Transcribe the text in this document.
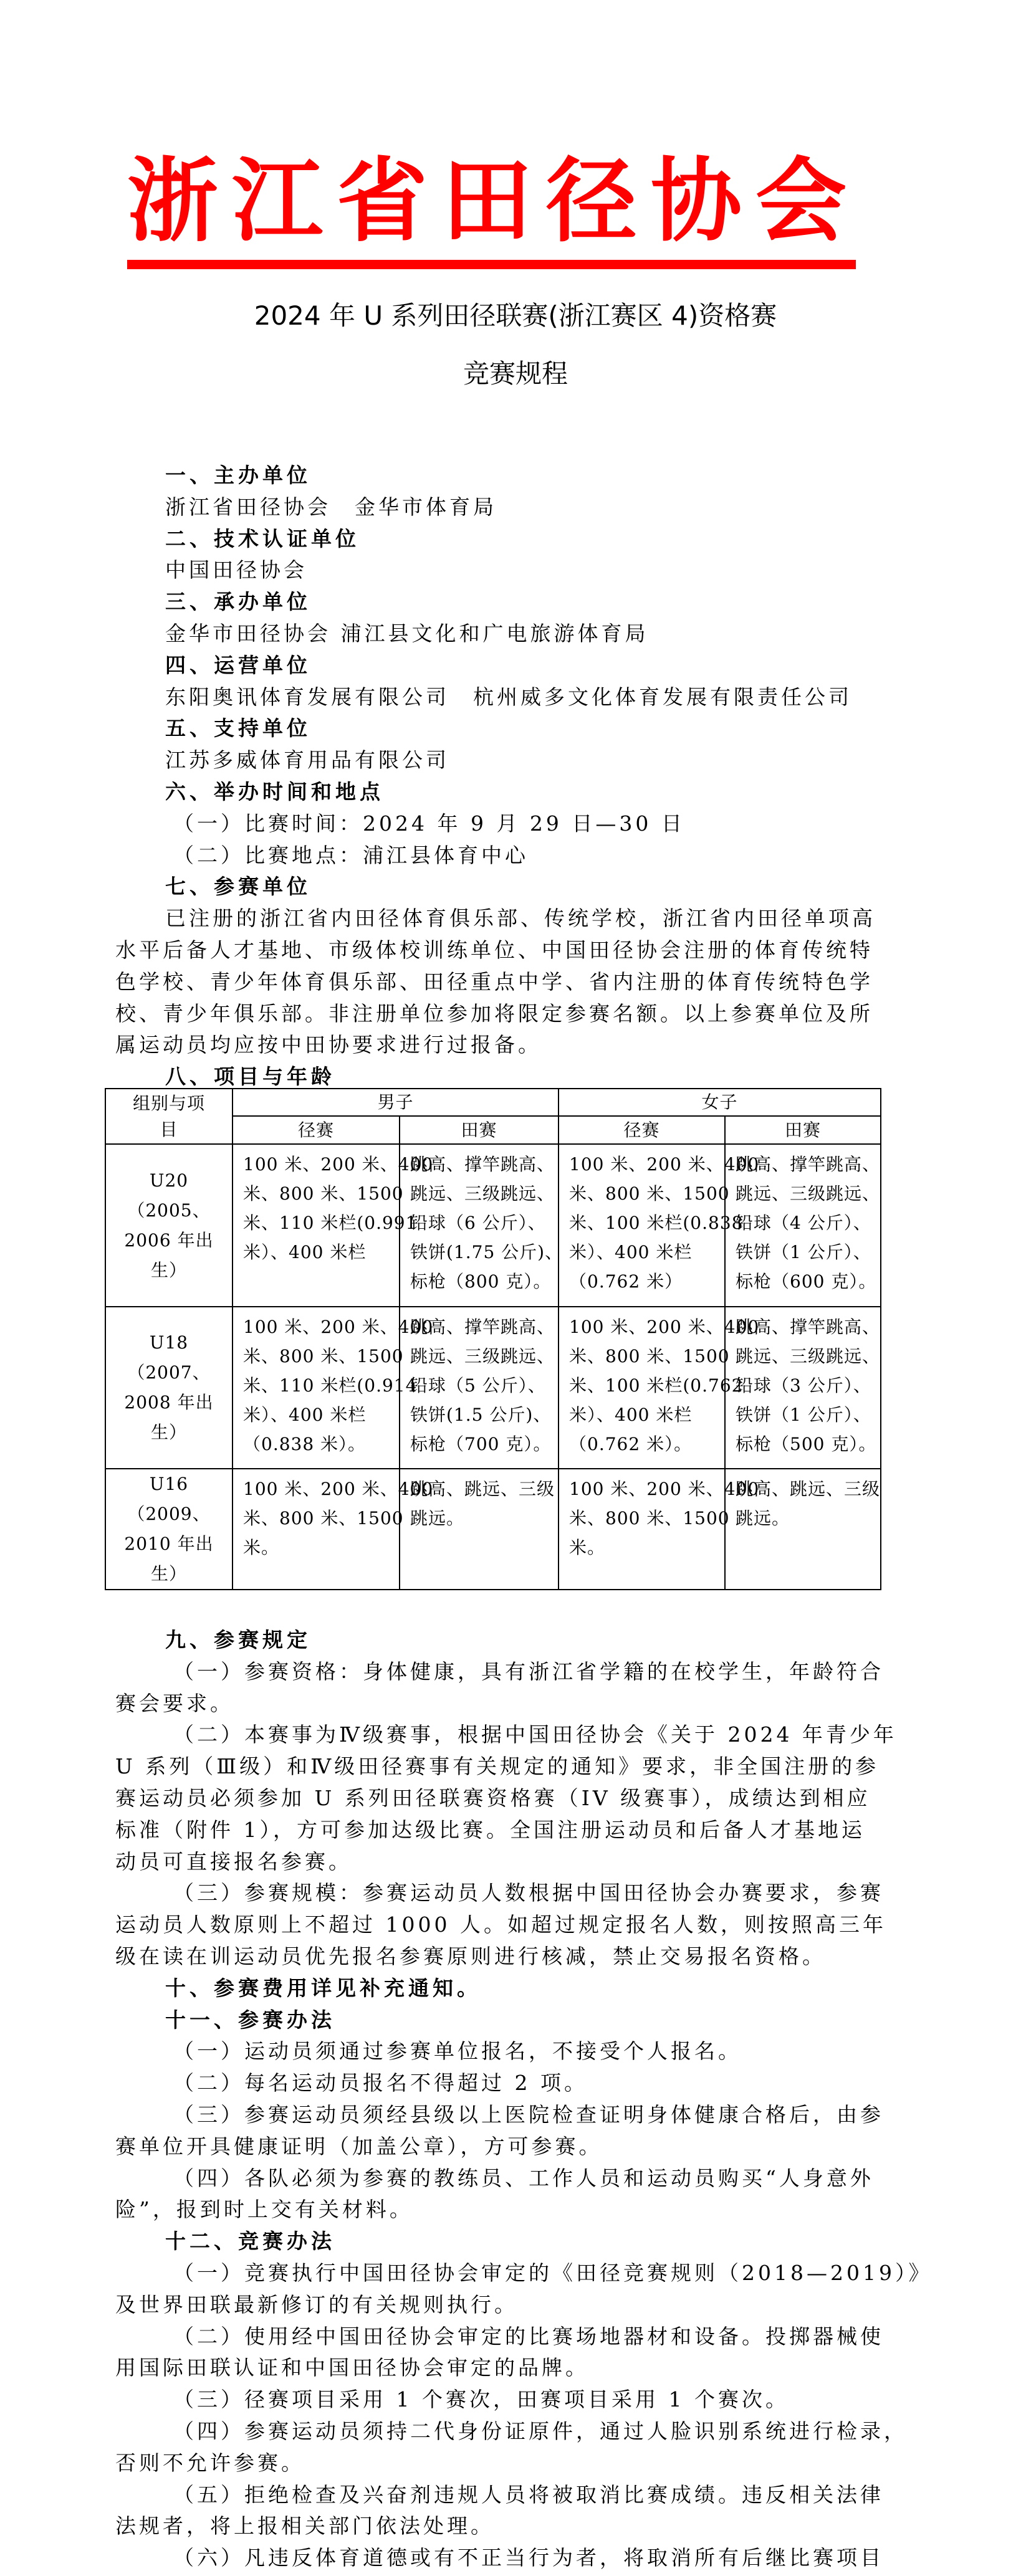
浙江省田径协会
2024 年 U 系列田径联赛(浙江赛区 4)资格赛
竞赛规程
一、主办单位
浙江省田径协会　金华市体育局
二、技术认证单位
中国田径协会
三、承办单位
金华市田径协会 浦江县文化和广电旅游体育局
四、运营单位
东阳奥讯体育发展有限公司　杭州威多文化体育发展有限责任公司
五、支持单位
江苏多威体育用品有限公司
六、举办时间和地点
（一）比赛时间：2024 年 9 月 29 日—30 日
（二）比赛地点：浦江县体育中心
七、参赛单位
已注册的浙江省内田径体育俱乐部、传统学校，浙江省内田径单项高
水平后备人才基地、市级体校训练单位、中国田径协会注册的体育传统特
色学校、青少年体育俱乐部、田径重点中学、省内注册的体育传统特色学
校、青少年俱乐部。非注册单位参加将限定参赛名额。以上参赛单位及所
属运动员均应按中田协要求进行过报备。
八、项目与年龄
组别与项
目	男子		女子	

	径赛	田赛	径赛	田赛

U20
（2005、
2006 年出
生）	100 米、200 米、400
米、800 米、1500
米、110 米栏(0.991
米）、400 米栏	跳高、撑竿跳高、
跳远、三级跳远、
铅球（6 公斤）、
铁饼(1.75 公斤)、
标枪（800 克）。	100 米、200 米、400
米、800 米、1500
米、100 米栏(0.838
米）、400 米栏
（0.762 米）	跳高、撑竿跳高、
跳远、三级跳远、
铅球（4 公斤）、
铁饼（1 公斤）、
标枪（600 克）。

U18
（2007、
2008 年出
生）	100 米、200 米、400
米、800 米、1500
米、110 米栏(0.914
米）、400 米栏
（0.838 米）。	跳高、撑竿跳高、
跳远、三级跳远、
铅球（5 公斤）、
铁饼(1.5 公斤)、
标枪（700 克）。	100 米、200 米、400
米、800 米、1500
米、100 米栏(0.762
米）、400 米栏
（0.762 米）。	跳高、撑竿跳高、
跳远、三级跳远、
铅球（3 公斤）、
铁饼（1 公斤）、
标枪（500 克）。

U16
（2009、
2010 年出
生）	100 米、200 米、400
米、800 米、1500
米。	跳高、跳远、三级
跳远。	100 米、200 米、400
米、800 米、1500
米。	跳高、跳远、三级
跳远。
九、参赛规定
（一）参赛资格：身体健康，具有浙江省学籍的在校学生，年龄符合
赛会要求。
（二）本赛事为Ⅳ级赛事，根据中国田径协会《关于 2024 年青少年
U 系列（Ⅲ级）和Ⅳ级田径赛事有关规定的通知》要求，非全国注册的参
赛运动员必须参加 U 系列田径联赛资格赛（IV 级赛事），成绩达到相应
标准（附件 1），方可参加达级比赛。全国注册运动员和后备人才基地运
动员可直接报名参赛。
（三）参赛规模：参赛运动员人数根据中国田径协会办赛要求，参赛
运动员人数原则上不超过 1000 人。如超过规定报名人数，则按照高三年
级在读在训运动员优先报名参赛原则进行核减，禁止交易报名资格。
十、参赛费用详见补充通知。
十一、参赛办法
（一）运动员须通过参赛单位报名，不接受个人报名。
（二）每名运动员报名不得超过 2 项。
（三）参赛运动员须经县级以上医院检查证明身体健康合格后，由参
赛单位开具健康证明（加盖公章），方可参赛。
（四）各队必须为参赛的教练员、工作人员和运动员购买“人身意外
险”，报到时上交有关材料。
十二、竞赛办法
（一）竞赛执行中国田径协会审定的《田径竞赛规则（2018—2019）》
及世界田联最新修订的有关规则执行。
（二）使用经中国田径协会审定的比赛场地器材和设备。投掷器械使
用国际田联认证和中国田径协会审定的品牌。
（三）径赛项目采用 1 个赛次，田赛项目采用 1 个赛次。
（四）参赛运动员须持二代身份证原件，通过人脸识别系统进行检录，
否则不允许参赛。
（五）拒绝检查及兴奋剂违规人员将被取消比赛成绩。违反相关法律
法规者，将上报相关部门依法处理。
（六）凡违反体育道德或有不正当行为者，将取消所有后继比赛项目
